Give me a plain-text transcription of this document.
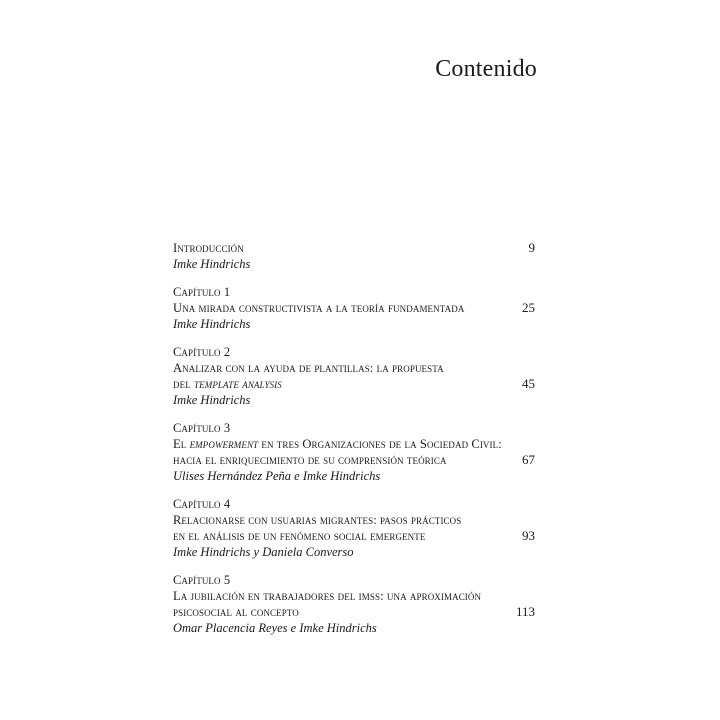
Contenido
Introducción	9
Imke Hindrichs
Capítulo 1
Una mirada constructivista a la teoría fundamentada	25
Imke Hindrichs
Capítulo 2
Analizar con la ayuda de plantillas: la propuesta
del template analysis	45
Imke Hindrichs
Capítulo 3
El empowerment en tres Organizaciones de la Sociedad Civil:
hacia el enriquecimiento de su comprensión teórica	67
Ulises Hernández Peña e Imke Hindrichs
Capítulo 4
Relacionarse con usuarias migrantes: pasos prácticos
en el análisis de un fenómeno social emergente	93
Imke Hindrichs y Daniela Converso
Capítulo 5
La jubilación en trabajadores del imss: una aproximación
psicosocial al concepto	113
Omar Placencia Reyes e Imke Hindrichs
